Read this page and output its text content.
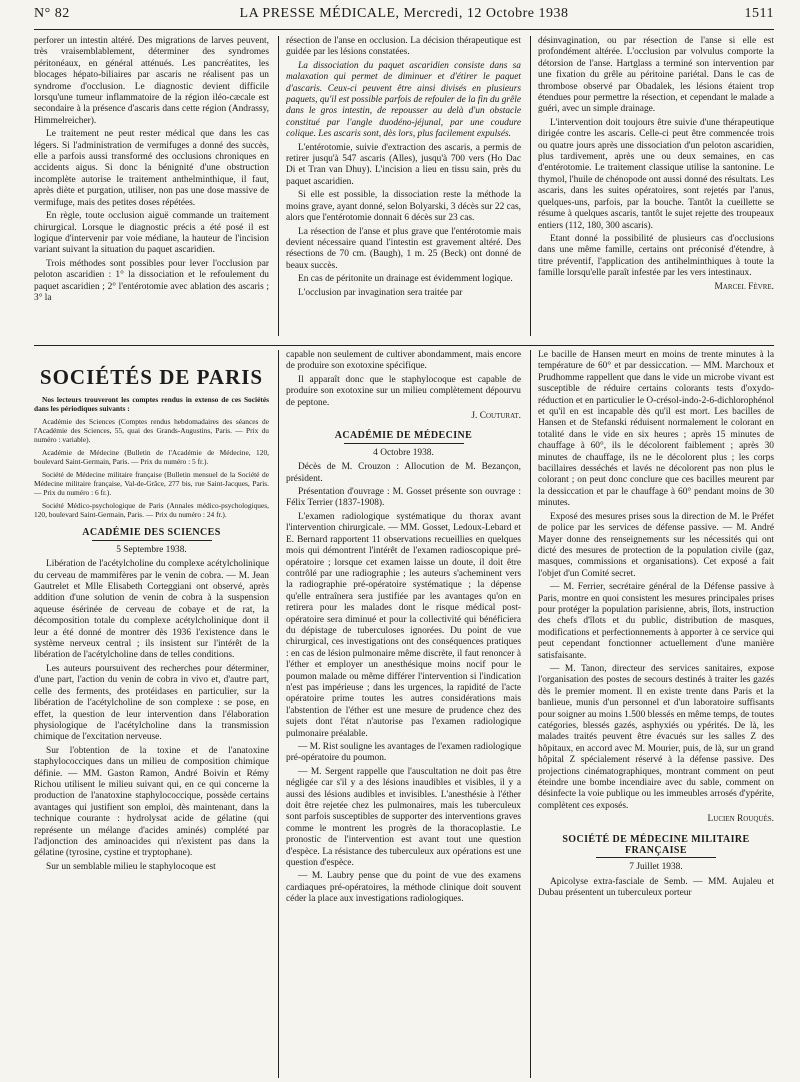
N° 82	LA PRESSE MÉDICALE, Mercredi, 12 Octobre 1938	1511

perforer un intestin altéré. Des migrations de larves peuvent, très vraisemblablement, déterminer des syndromes péritonéaux, en général atténués. Les pancréatites, les blocages hépato-biliaires par ascaris ne réalisent pas un syndrome d'occlusion. Le diagnostic devient difficile lorsqu'une tumeur inflammatoire de la région iléo-cæcale est secondaire à la présence d'ascaris dans cette région (Andrassy, Himmelreicher).

Le traitement ne peut rester médical que dans les cas légers. Si l'administration de vermifuges a donné des succès, elle a parfois aussi transformé des occlusions chroniques en accidents aigus. Si donc la bénignité d'une obstruction incomplète autorise le traitement anthelminthique, il faut, après diète et purgation, utiliser, non pas une dose massive de vermifuge, mais des petites doses répétées.

En règle, toute occlusion aiguë commande un traitement chirurgical. Lorsque le diagnostic précis a été posé il est logique d'intervenir par voie médiane, la hauteur de l'incision variant suivant la situation du paquet ascaridien.

Trois méthodes sont possibles pour lever l'occlusion par peloton ascaridien : 1° la dissociation et le refoulement du paquet ascaridien ; 2° l'entérotomie avec ablation des ascaris ; 3° la

résection de l'anse en occlusion. La décision thérapeutique est guidée par les lésions constatées.

La dissociation du paquet ascaridien consiste dans sa malaxation qui permet de diminuer et d'étirer le paquet d'ascaris. Ceux-ci peuvent être ainsi divisés en plusieurs paquets, qu'il est possible parfois de refouler de la fin du grêle dans le gros intestin, de repousser au delà d'un obstacle constitué par l'angle duodéno-jéjunal, par une coudure colique. Les ascaris sont, dès lors, plus facilement expulsés.

L'entérotomie, suivie d'extraction des ascaris, a permis de retirer jusqu'à 547 ascaris (Alles), jusqu'à 700 vers (Ho Dac Di et Tran van Dhuy). L'incision a lieu en tissu sain, près du paquet ascaridien.

Si elle est possible, la dissociation reste la méthode la moins grave, ayant donné, selon Bolyarski, 3 décès sur 22 cas, alors que l'entérotomie donnait 6 décès sur 23 cas.

La résection de l'anse et plus grave que l'entérotomie mais devient nécessaire quand l'intestin est gravement altéré. Des résections de 70 cm. (Baugh), 1 m. 25 (Beck) ont donné de beaux succès.

En cas de péritonite un drainage est évidemment logique.

L'occlusion par invagination sera traitée par

désinvagination, ou par résection de l'anse si elle est profondément altérée. L'occlusion par volvulus comporte la détorsion de l'anse. Hartglass a terminé son intervention par une fixation du grêle au péritoine pariétal. Dans le cas de thrombose observé par Obadalek, les lésions étaient trop étendues pour permettre la résection, et cependant le malade a guéri, avec un simple drainage.

L'intervention doit toujours être suivie d'une thérapeutique dirigée contre les ascaris. Celle-ci peut être commencée trois ou quatre jours après une dissociation d'un peloton ascaridien, plus tardivement, après une ou deux semaines, en cas d'entérotomie. Le traitement classique utilise la santonine. Le thymol, l'huile de chénopode ont aussi donné des résultats. Les ascaris, dans les suites opératoires, sont rejetés par l'anus, quelques-uns, parfois, par la bouche. Tantôt la cueillette se résume à quelques ascaris, tantôt le sujet rejette des troupeaux entiers (112, 180, 300 ascaris).

Etant donné la possibilité de plusieurs cas d'occlusions dans une même famille, certains ont préconisé d'étendre, à titre préventif, l'application des antihelminthiques à toute la famille lorsqu'elle paraît infestée par les vers intestinaux.

Marcel Fèvre.
SOCIÉTÉS DE PARIS

Nos lecteurs trouveront les comptes rendus in extenso de ces Sociétés dans les périodiques suivants :

Académie des Sciences (Comptes rendus hebdomadaires des séances de l'Académie des Sciences, 55, quai des Grands-Augustins, Paris. — Prix du numéro : variable).

Académie de Médecine (Bulletin de l'Académie de Médecine, 120, boulevard Saint-Germain, Paris. — Prix du numéro : 5 fr.).

Société de Médecine militaire française (Bulletin mensuel de la Société de Médecine militaire française, Val-de-Grâce, 277 bis, rue Saint-Jacques, Paris. — Prix du numéro : 6 fr.).

Société Médico-psychologique de Paris (Annales médico-psychologiques, 120, boulevard Saint-Germain, Paris. — Prix du numéro : 24 fr.).

ACADÉMIE DES SCIENCES
5 Septembre 1938.

Libération de l'acétylcholine du complexe acétylcholinique du cerveau de mammifères par le venin de cobra. — M. Jean Gautrelet et Mlle Elisabeth Corteggiani ont observé, après addition d'une solution de venin de cobra à la suspension aqueuse ésérinée de cerveau de cobaye et de rat, la décomposition totale du complexe acétylcholinique dont il leur a été donné de montrer dès 1936 l'existence dans le système nerveux central ; ils insistent sur l'intérêt de la libération de l'acétylcholine dans de telles conditions.

Les auteurs poursuivent des recherches pour déterminer, d'une part, l'action du venin de cobra in vivo et, d'autre part, celle des ferments, des protéidases en particulier, sur la libération de l'acétylcholine de son complexe : se pose, en effet, la question de leur intervention dans l'élaboration physiologique de l'acétylcholine dans la transmission chimique de l'excitation nerveuse.

Sur l'obtention de la toxine et de l'anatoxine staphylococciques dans un milieu de composition chimique définie. — MM. Gaston Ramon, André Boivin et Rémy Richou utilisent le milieu suivant qui, en ce qui concerne la production de l'anatoxine staphylococcique, possède certains avantages qui justifient son emploi, dès maintenant, dans la technique courante : hydrolysat acide de gélatine (qui représente un mélange d'acides aminés) complété par l'adjonction des aminoacides qui n'existent pas dans la gélatine (tyrosine, cystine et tryptophane).

Sur un semblable milieu le staphylocoque est

capable non seulement de cultiver abondamment, mais encore de produire son exotoxine spécifique.

Il apparaît donc que le staphylocoque est capable de produire son exotoxine sur un milieu complètement dépourvu de peptone.

J. Couturat.
ACADÉMIE DE MÉDECINE
4 Octobre 1938.

Décès de M. Crouzon : Allocution de M. Bezançon, président.

Présentation d'ouvrage : M. Gosset présente son ouvrage : Félix Terrier (1837-1908).

L'examen radiologique systématique du thorax avant l'intervention chirurgicale. — MM. Gosset, Ledoux-Lebard et E. Bernard rapportent 11 observations recueillies en quelques mois qui démontrent l'intérêt de l'examen radioscopique pré-opératoire ; lorsque cet examen laisse un doute, il doit être contrôlé par une radiographie ; les auteurs s'acheminent vers la radiographie pré-opératoire systématique ; la dépense qu'elle entraînera sera justifiée par les avantages qu'on en retirera pour les malades dont le risque médical post-opératoire sera diminué et pour la collectivité qui bénéficiera du dépistage de tuberculoses ignorées. Du point de vue chirurgical, ces investigations ont des conséquences pratiques : en cas de lésion pulmonaire même discrète, il faut renoncer à l'éther et employer un anesthésique moins nocif pour le poumon malade ou même différer l'intervention si l'indication n'est pas impérieuse ; dans les urgences, la rapidité de l'acte opératoire prime toutes les autres considérations mais l'abstention de l'éther est une mesure de prudence chez des sujets dont l'état n'autorise pas l'examen radiologique pulmonaire préalable.

— M. Rist souligne les avantages de l'examen radiologique pré-opératoire du poumon.

— M. Sergent rappelle que l'auscultation ne doit pas être négligée car s'il y a des lésions inaudibles et visibles, il y a aussi des lésions audibles et invisibles. L'anesthésie à l'éther doit être rejetée chez les pulmonaires, mais les tuberculeux sont parfois susceptibles de supporter des interventions graves comme le montrent les progrès de la thoracoplastie. Le pronostic de l'intervention est avant tout une question d'espèce. La résistance des tuberculeux aux opérations est une question d'espèce.

— M. Laubry pense que du point de vue des examens cardiaques pré-opératoires, la méthode clinique doit souvent céder la place aux investigations radiologiques.

Le bacille de Hansen meurt en moins de trente minutes à la température de 60° et par dessiccation. — MM. Marchoux et Prudhomme rappellent que dans le vide un microbe vivant est susceptible de réduire certains colorants tests d'oxydo-réduction et en particulier le O-crésol-indo-2-6-dichlorophénol et qu'il en est incapable dès qu'il est mort. Les bacilles de Hansen et de Stefanski réduisent normalement le colorant en totalité dans le vide en six heures ; après 15 minutes de chauffage à 60°, ils le décolorent faiblement ; après 30 minutes de chauffage, ils ne le décolorent plus ; les corps bacillaires desséchés et lavés ne décolorent pas non plus le colorant ; on peut donc conclure que ces bacilles meurent par la dessiccation et par le chauffage à 60° pendant moins de 30 minutes.

Exposé des mesures prises sous la direction de M. le Préfet de police par les services de défense passive. — M. André Mayer donne des renseignements sur les nécessités qui ont dicté des mesures de protection de la population civile (gaz, masques, commissions et organisations). Cet exposé a fait l'objet d'un Comité secret.

— M. Ferrier, secrétaire général de la Défense passive à Paris, montre en quoi consistent les mesures principales prises pour protéger la population parisienne, abris, îlots, instruction des chefs d'îlots et du public, distribution de masques, modifications et perfectionnements à apporter à ce service qui peut cependant fonctionner actuellement d'une manière satisfaisante.

— M. Tanon, directeur des services sanitaires, expose l'organisation des postes de secours destinés à traiter les gazés dès le premier moment. Il en existe trente dans Paris et la banlieue, munis d'un personnel et d'un laboratoire suffisants pour soigner au moins 1.500 blessés en même temps, de toutes catégories, blessés gazés, asphyxiés ou ypérités. De là, les malades traités peuvent être évacués sur les salles Z des hôpitaux, en accord avec M. Mourier, puis, de là, sur un grand hôpital Z spécialement réservé à la défense passive. Des projections cinématographiques, montrant comment on peut éteindre une bombe incendiaire avec du sable, comment on désinfecte la voie publique ou les immeubles arrosés d'ypérite, complètent ces exposés.

Lucien Rouquès.
SOCIÉTÉ DE MÉDECINE MILITAIRE FRANÇAISE
7 Juillet 1938.

Apicolyse extra-fasciale de Semb. — MM. Aujaleu et Dubau présentent un tuberculeux porteur
